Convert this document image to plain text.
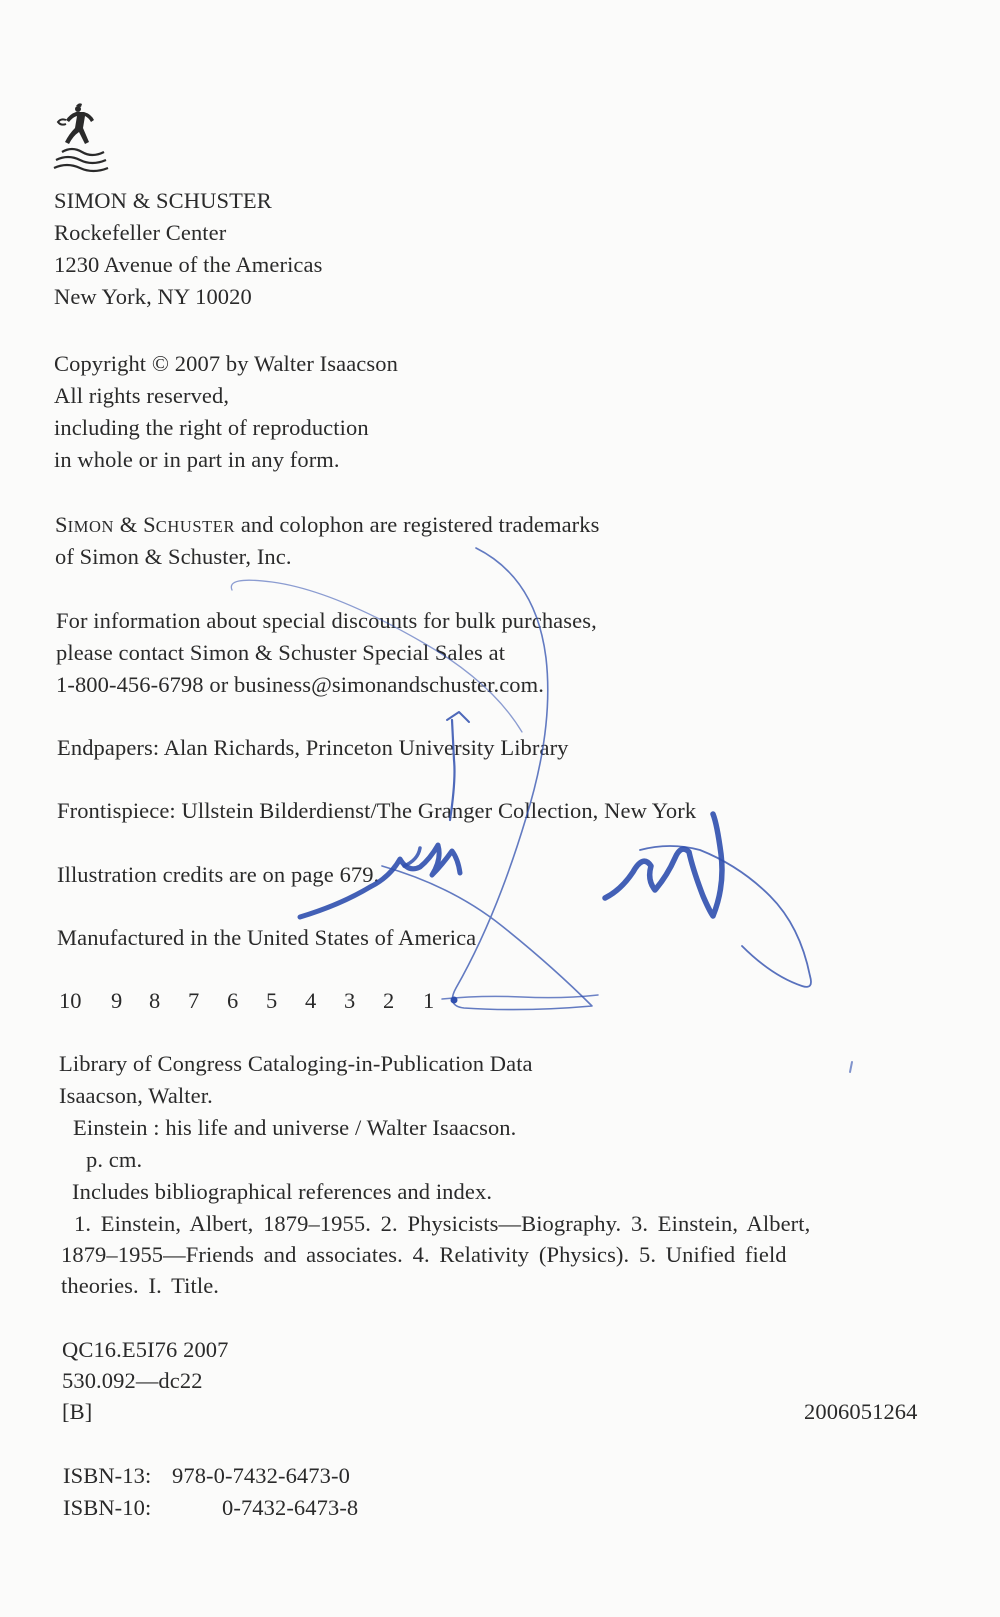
SIMON & SCHUSTER
Rockefeller Center
1230 Avenue of the Americas
New York, NY 10020
Copyright © 2007 by Walter Isaacson
All rights reserved,
including the right of reproduction
in whole or in part in any form.
SIMON & SCHUSTER and colophon are registered trademarks
of Simon & Schuster, Inc.
For information about special discounts for bulk purchases,
please contact Simon & Schuster Special Sales at
1-800-456-6798 or business@simonandschuster.com.
Endpapers: Alan Richards, Princeton University Library
Frontispiece: Ullstein Bilderdienst/The Granger Collection, New York
Illustration credits are on page 679.
Manufactured in the United States of America
10 9 8 7 6 5 4 3 2 1
Library of Congress Cataloging-in-Publication Data
Isaacson, Walter.
Einstein : his life and universe / Walter Isaacson.
p. cm.
Includes bibliographical references and index.
1. Einstein, Albert, 1879–1955. 2. Physicists—Biography. 3. Einstein, Albert,
1879–1955—Friends and associates. 4. Relativity (Physics). 5. Unified field
theories. I. Title.
QC16.E5I76 2007
530.092—dc22
[B]	2006051264
ISBN-13: 978-0-7432-6473-0
ISBN-10:	0-7432-6473-8
